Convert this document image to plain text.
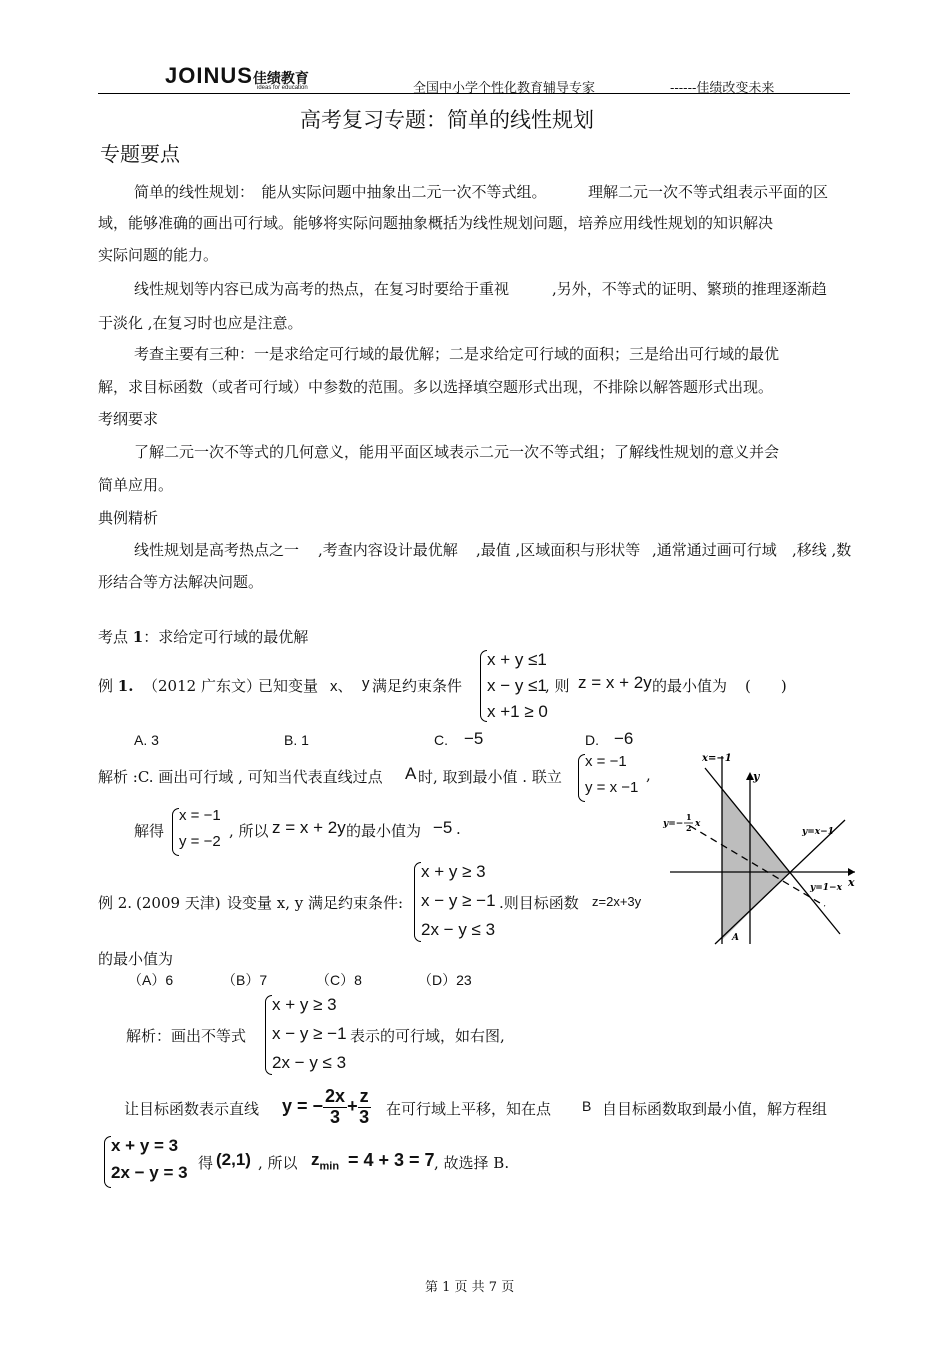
JOINUS佳绩教育
ideas for education	全国中小学个性化教育辅导专家	------佳绩改变未来
高考复习专题：简单的线性规划
专题要点
简单的线性规划：　能从实际问题中抽象出二元一次不等式组。	理解二元一次不等式组表示平面的区
域，能够准确的画出可行域。能够将实际问题抽象概括为线性规划问题，培养应用线性规划的知识解决
实际问题的能力。
线性规划等内容已成为高考的热点，在复习时要给于重视	,另外，不等式的证明、繁琐的推理逐渐趋
于淡化 ,在复习时也应是注意。
考查主要有三种：一是求给定可行域的最优解；二是求给定可行域的面积；三是给出可行域的最优
解，求目标函数（或者可行域）中参数的范围。多以选择填空题形式出现，不排除以解答题形式出现。
考纲要求
了解二元一次不等式的几何意义，能用平面区域表示二元一次不等式组；了解线性规划的意义并会
简单应用。
典例精析
线性规划是高考热点之一 ,考查内容设计最优解 ,最值 ,区域面积与形状等 ,通常通过画可行域 ,移线 ,数
形结合等方法解决问题。
考点 1：求给定可行域的最优解
例 1. （2012 广东文）
已知变量 x、 y 满足约束条件
x + y ≤1
x − y ≤1
x +1 ≥ 0
, 则 z = x + 2y 的最小值为 (　　)
A. 3	B. 1	C. −5	D. −6
解析 :C. 画出可行域 , 可知当代表直线过点 A 时, 取到最小值 . 联立
x = −1
y = x −1
,
解得
x = −1
y = −2
, 所以 z = x + 2y 的最小值为 −5 .
x=−1
y
x
y=−
1
2 x
y=x−1
y=1−x
A
例 2. (2009 天津) 设变量 x, y 满足约束条件:
x + y ≥ 3
x − y ≥ −1
2x − y ≤ 3
.则目标函数 z=2x+3y
的最小值为
（A）6	（B）7	（C）8	（D）23
解析：画出不等式
x + y ≥ 3
x − y ≥ −1
2x − y ≤ 3
表示的可行域，如右图,
让目标函数表示直线 y = − $\frac{2x}{3} + \frac{z}{3}$ 在可行域上平移，知在点 B 自目标函数取到最小值，解方程组
x + y = 3
2x − y = 3 得 (2,1) , 所以 $z_{min} = 4 + 3 = 7$ , 故选择 B.
第 1 页 共 7 页
